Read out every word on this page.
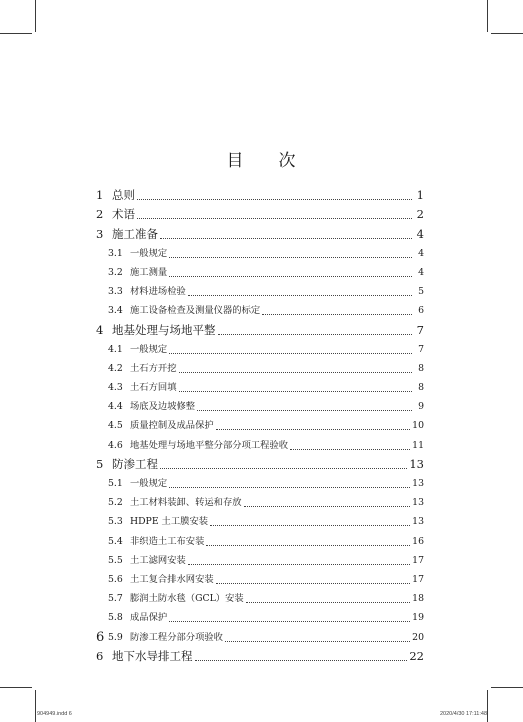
目 次
1 总则	1
2 术语	2
3 施工准备	4
3.1 一般规定	4
3.2 施工测量	4
3.3 材料进场检验	5
3.4 施工设备检查及测量仪器的标定	6
4 地基处理与场地平整	7
4.1 一般规定	7
4.2 土石方开挖	8
4.3 土石方回填	8
4.4 场底及边坡修整	9
4.5 质量控制及成品保护	10
4.6 地基处理与场地平整分部分项工程验收	11
5 防渗工程	13
5.1 一般规定	13
5.2 土工材料装卸、转运和存放	13
5.3 HDPE 土工膜安装	13
5.4 非织造土工布安装	16
5.5 土工滤网安装	17
5.6 土工复合排水网安装	17
5.7 膨润土防水毯（GCL）安装	18
5.8 成品保护	19
5.9 防渗工程分部分项验收	20
6 地下水导排工程	22
6
904949.indd 6	2020/4/30 17:11:48
